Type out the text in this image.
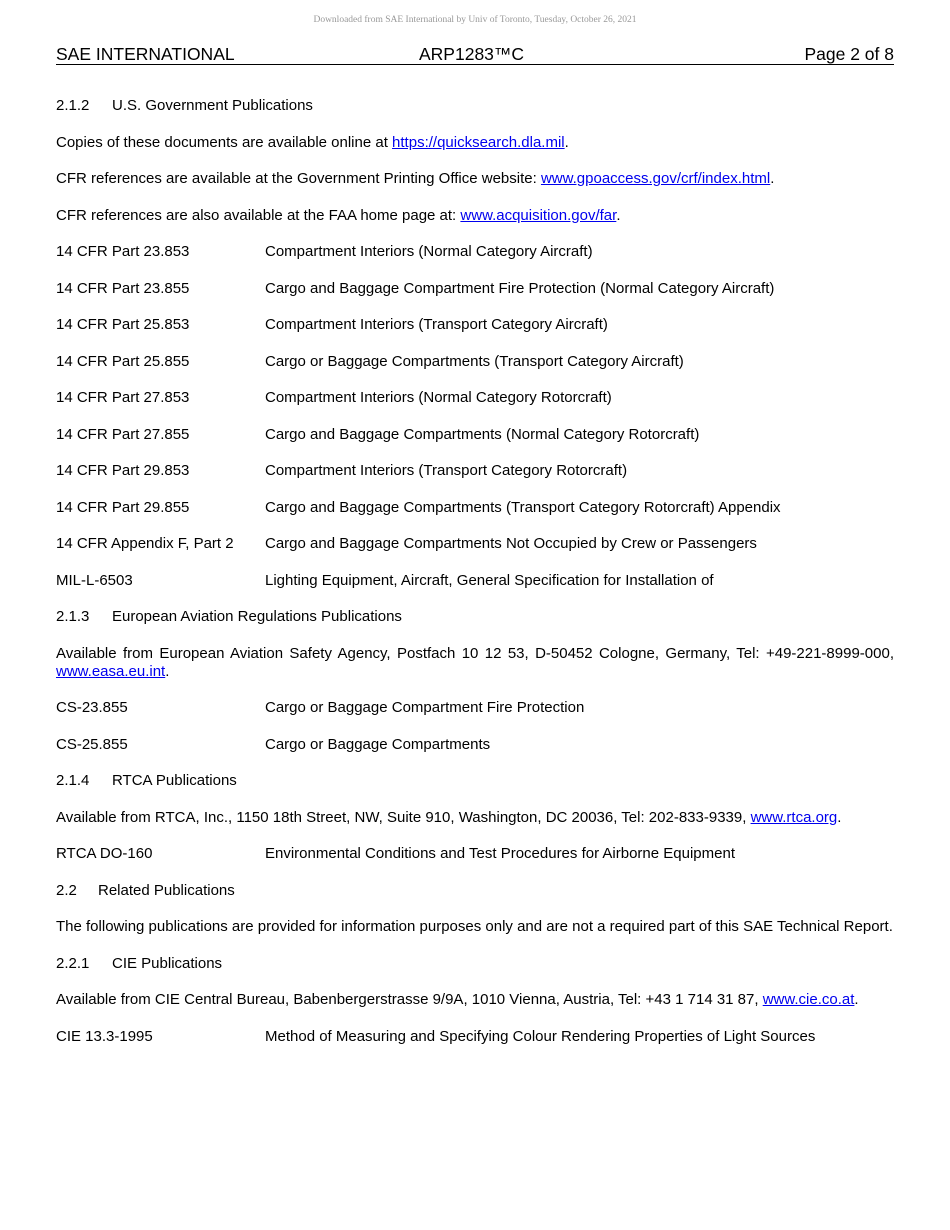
Downloaded from SAE International by Univ of Toronto, Tuesday, October 26, 2021
SAE INTERNATIONAL	ARP1283™C	Page 2 of 8
2.1.2 U.S. Government Publications
Copies of these documents are available online at https://quicksearch.dla.mil.
CFR references are available at the Government Printing Office website: www.gpoaccess.gov/crf/index.html.
CFR references are also available at the FAA home page at: www.acquisition.gov/far.
14 CFR Part 23.853	Compartment Interiors (Normal Category Aircraft)
14 CFR Part 23.855	Cargo and Baggage Compartment Fire Protection (Normal Category Aircraft)
14 CFR Part 25.853	Compartment Interiors (Transport Category Aircraft)
14 CFR Part 25.855	Cargo or Baggage Compartments (Transport Category Aircraft)
14 CFR Part 27.853	Compartment Interiors (Normal Category Rotorcraft)
14 CFR Part 27.855	Cargo and Baggage Compartments (Normal Category Rotorcraft)
14 CFR Part 29.853	Compartment Interiors (Transport Category Rotorcraft)
14 CFR Part 29.855	Cargo and Baggage Compartments (Transport Category Rotorcraft) Appendix
14 CFR Appendix F, Part 2	Cargo and Baggage Compartments Not Occupied by Crew or Passengers
MIL-L-6503	Lighting Equipment, Aircraft, General Specification for Installation of
2.1.3 European Aviation Regulations Publications
Available from European Aviation Safety Agency, Postfach 10 12 53, D-50452 Cologne, Germany, Tel: +49-221-8999-000, www.easa.eu.int.
CS-23.855	Cargo or Baggage Compartment Fire Protection
CS-25.855	Cargo or Baggage Compartments
2.1.4 RTCA Publications
Available from RTCA, Inc., 1150 18th Street, NW, Suite 910, Washington, DC 20036, Tel: 202-833-9339, www.rtca.org.
RTCA DO-160	Environmental Conditions and Test Procedures for Airborne Equipment
2.2 Related Publications
The following publications are provided for information purposes only and are not a required part of this SAE Technical Report.
2.2.1 CIE Publications
Available from CIE Central Bureau, Babenbergerstrasse 9/9A, 1010 Vienna, Austria, Tel: +43 1 714 31 87, www.cie.co.at.
CIE 13.3-1995	Method of Measuring and Specifying Colour Rendering Properties of Light Sources
